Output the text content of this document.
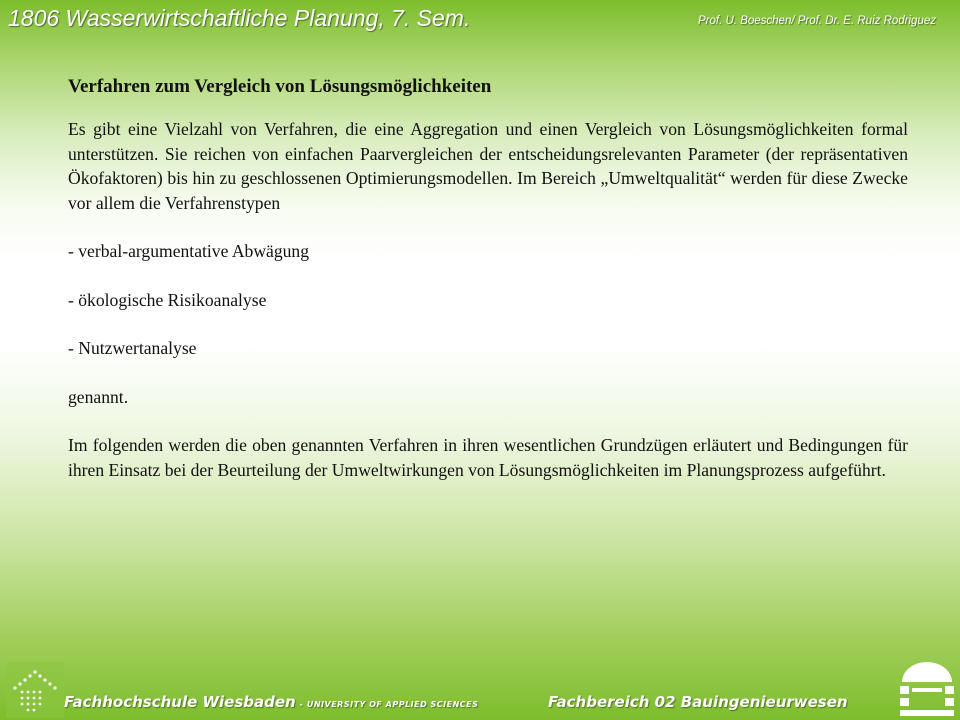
1806 Wasserwirtschaftliche Planung, 7. Sem.	Prof. U. Boeschen/ Prof. Dr. E. Ruiz Rodriguez
Verfahren zum Vergleich von Lösungsmöglichkeiten

Es gibt eine Vielzahl von Verfahren, die eine Aggregation und einen Vergleich von Lösungsmöglichkeiten formal unterstützen. Sie reichen von einfachen Paarvergleichen der entscheidungsrelevanten Parameter (der repräsentativen Ökofaktoren) bis hin zu geschlossenen Optimierungsmodellen. Im Bereich „Umweltqualität“ werden für diese Zwecke vor allem die Verfahrenstypen

- verbal-argumentative Abwägung

- ökologische Risikoanalyse

- Nutzwertanalyse

genannt.

Im folgenden werden die oben genannten Verfahren in ihren wesentlichen Grundzügen erläutert und Bedingungen für ihren Einsatz bei der Beurteilung der Umweltwirkungen von Lösungsmöglichkeiten im Planungsprozess aufgeführt.

Fachhochschule Wiesbaden - UNIVERSITY OF APPLIED SCIENCES	Fachbereich 02 Bauingenieurwesen
